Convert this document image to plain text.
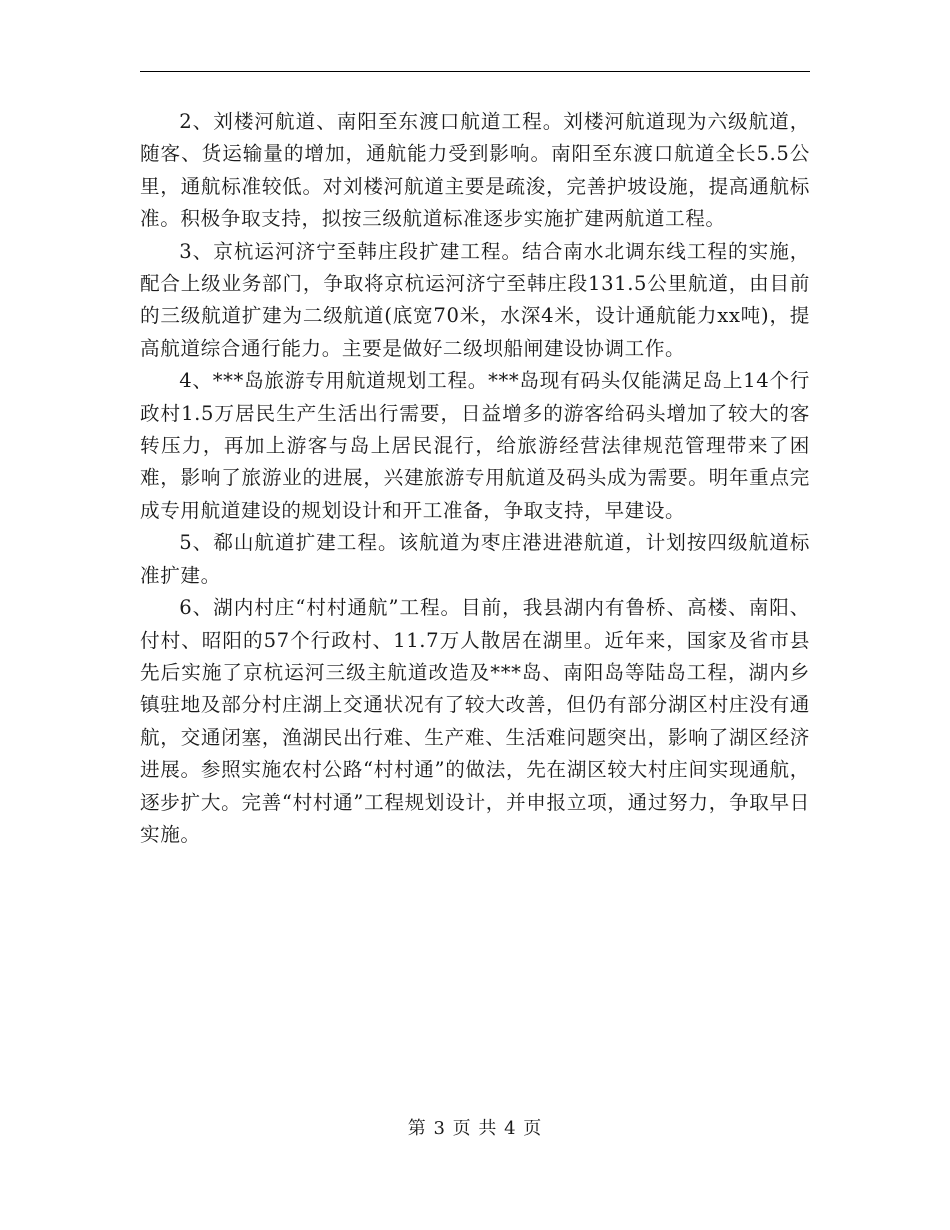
2、刘楼河航道、南阳至东渡口航道工程。刘楼河航道现为六级航道，随客、货运输量的增加，通航能力受到影响。南阳至东渡口航道全长5.5公里，通航标准较低。对刘楼河航道主要是疏浚，完善护坡设施，提高通航标准。积极争取支持，拟按三级航道标准逐步实施扩建两航道工程。

3、京杭运河济宁至韩庄段扩建工程。结合南水北调东线工程的实施，配合上级业务部门，争取将京杭运河济宁至韩庄段131.5公里航道，由目前的三级航道扩建为二级航道(底宽70米，水深4米，设计通航能力xx吨)，提高航道综合通行能力。主要是做好二级坝船闸建设协调工作。

4、***岛旅游专用航道规划工程。***岛现有码头仅能满足岛上14个行政村1.5万居民生产生活出行需要，日益增多的游客给码头增加了较大的客转压力，再加上游客与岛上居民混行，给旅游经营法律规范管理带来了困难，影响了旅游业的进展，兴建旅游专用航道及码头成为需要。明年重点完成专用航道建设的规划设计和开工准备，争取支持，早建设。

5、郗山航道扩建工程。该航道为枣庄港进港航道，计划按四级航道标准扩建。

6、湖内村庄“村村通航”工程。目前，我县湖内有鲁桥、高楼、南阳、付村、昭阳的57个行政村、11.7万人散居在湖里。近年来，国家及省市县先后实施了京杭运河三级主航道改造及***岛、南阳岛等陆岛工程，湖内乡镇驻地及部分村庄湖上交通状况有了较大改善，但仍有部分湖区村庄没有通航，交通闭塞，渔湖民出行难、生产难、生活难问题突出，影响了湖区经济进展。参照实施农村公路“村村通”的做法，先在湖区较大村庄间实现通航，逐步扩大。完善“村村通”工程规划设计，并申报立项，通过努力，争取早日实施。

第 3 页 共 4 页
